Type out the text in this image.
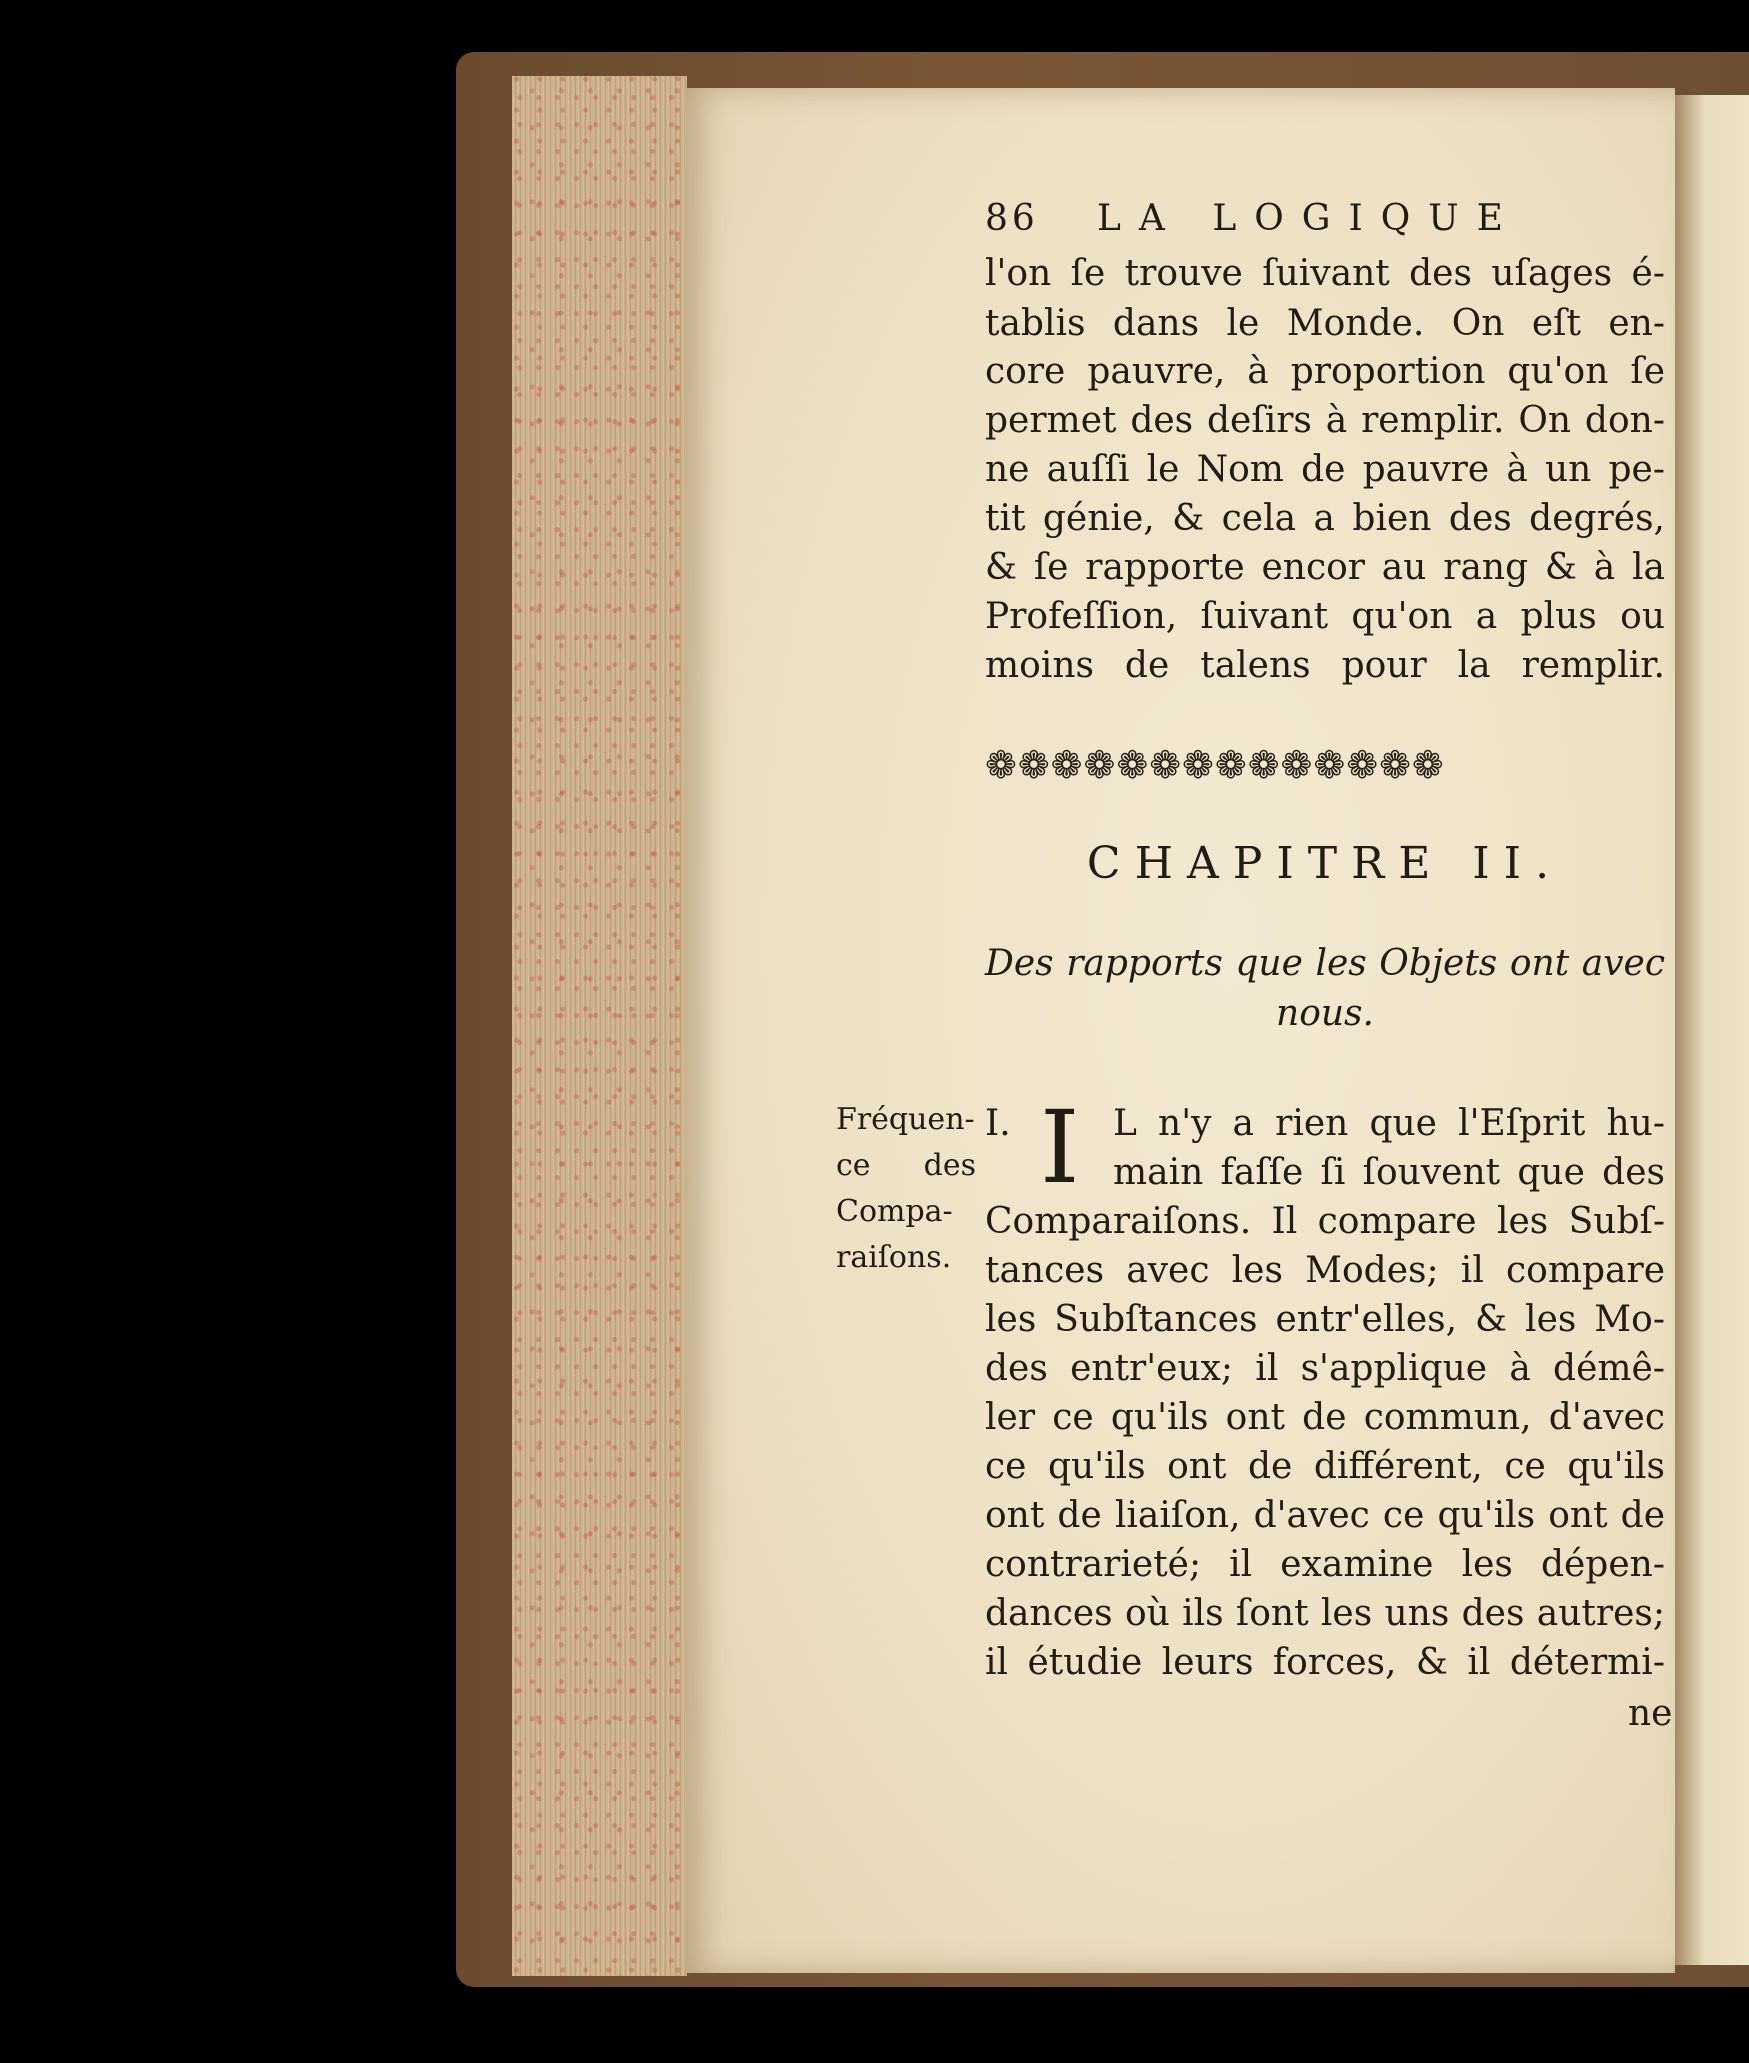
86 LA LOGIQUE
l'on ſe trouve ſuivant des uſages é-
tablis dans le Monde. On eſt en-
core pauvre, à proportion qu'on ſe
permet des deſirs à remplir. On don-
ne auſſi le Nom de pauvre à un pe-
tit génie, & cela a bien des degrés,
& ſe rapporte encor au rang & à la
Profeſſion, ſuivant qu'on a plus ou
moins de talens pour la remplir.
❁❁❁❁❁❁❁❁❁❁❁❁❁❁
CHAPITRE II.
Des rapports que les Objets ont avec
nous.
Fréquen-
ce des
Compa-
raiſons.
I. I L n'y a rien que l'Eſprit hu-
main faſſe ſi ſouvent que des
Comparaiſons. Il compare les Subſ-
tances avec les Modes; il compare
les Subſtances entr'elles, & les Mo-
des entr'eux; il s'applique à démê-
ler ce qu'ils ont de commun, d'avec
ce qu'ils ont de différent, ce qu'ils
ont de liaiſon, d'avec ce qu'ils ont de
contrarieté; il examine les dépen-
dances où ils ſont les uns des autres;
il étudie leurs forces, & il détermi-
ne
